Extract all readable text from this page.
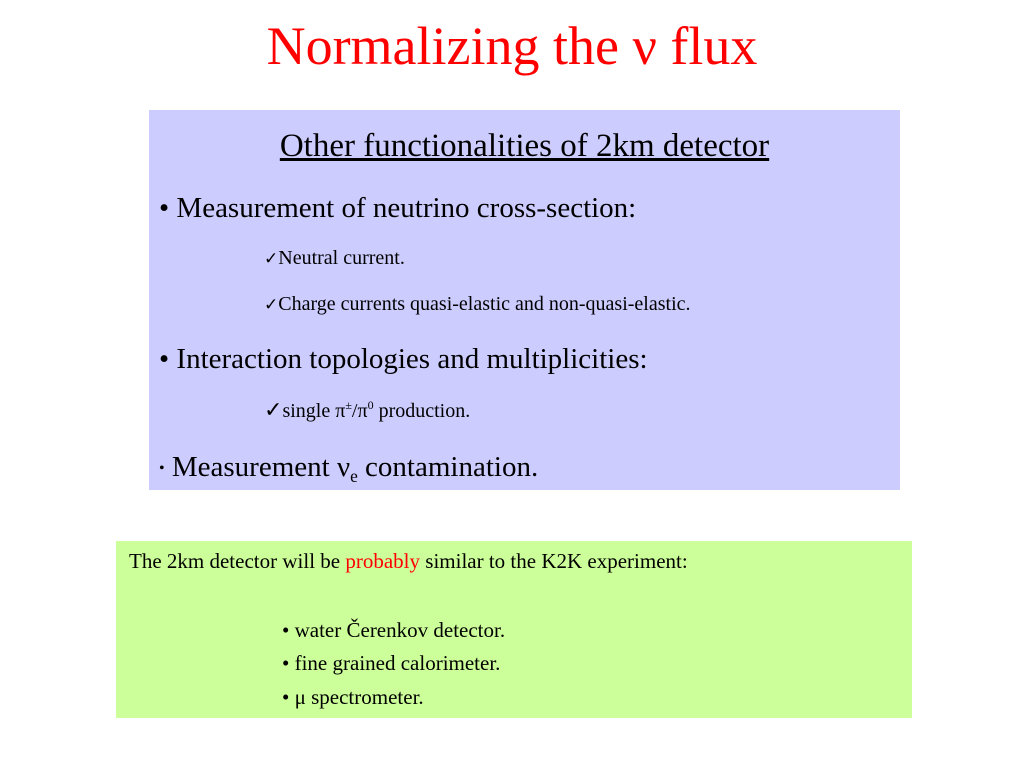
Normalizing the ν flux
Other functionalities of 2km detector
• Measurement of neutrino cross-section:
✓Neutral current.
✓Charge currents quasi-elastic and non-quasi-elastic.
• Interaction topologies and multiplicities:
✓single $\pi^\pm/\pi^0$ production.
• Measurement $\nu_e$ contamination.
The 2km detector will be probably similar to the K2K experiment:
• water Čerenkov detector.
• fine grained calorimeter.
• μ spectrometer.
